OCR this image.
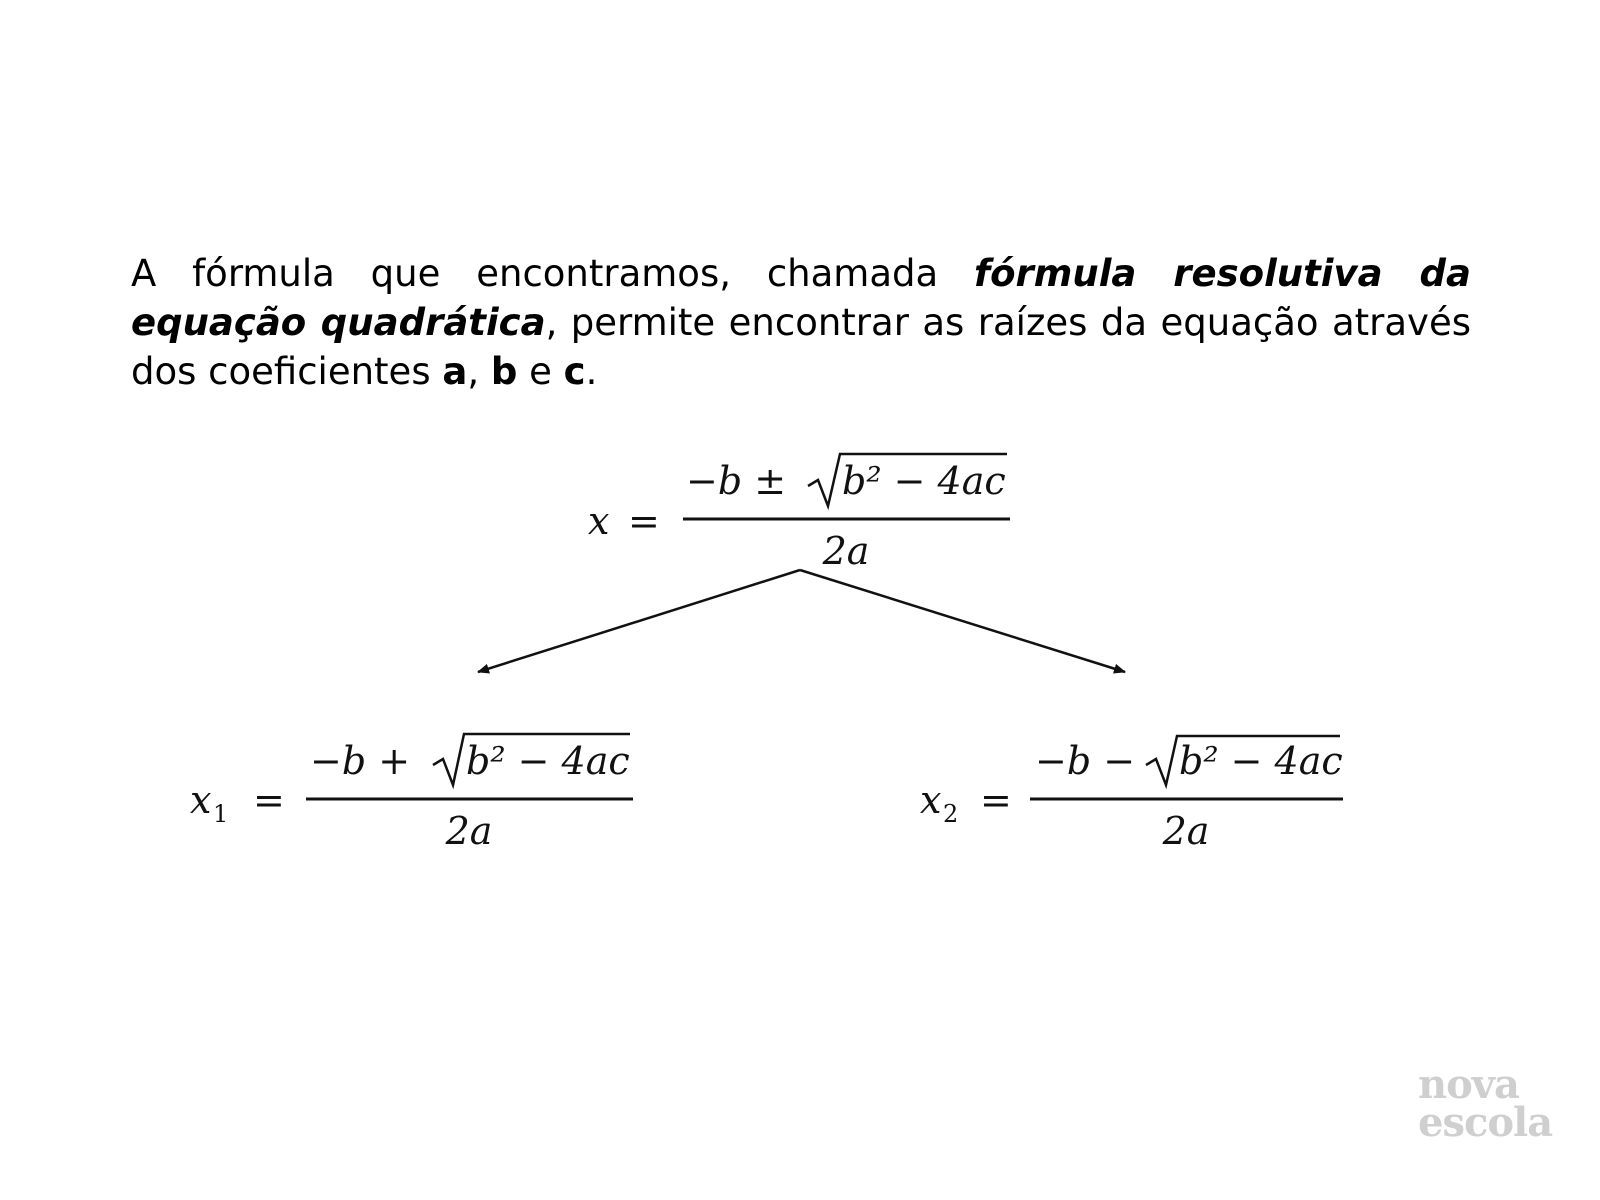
A fórmula que encontramos, chamada fórmula resolutiva da equação quadrática, permite encontrar as raízes da equação através dos coeficientes a, b e c.

x =
−b ± b² − 4ac
2a
x 1 =
−b + b² − 4ac
2a
x 2 =
−b − b² − 4ac
2a
nova
escola
